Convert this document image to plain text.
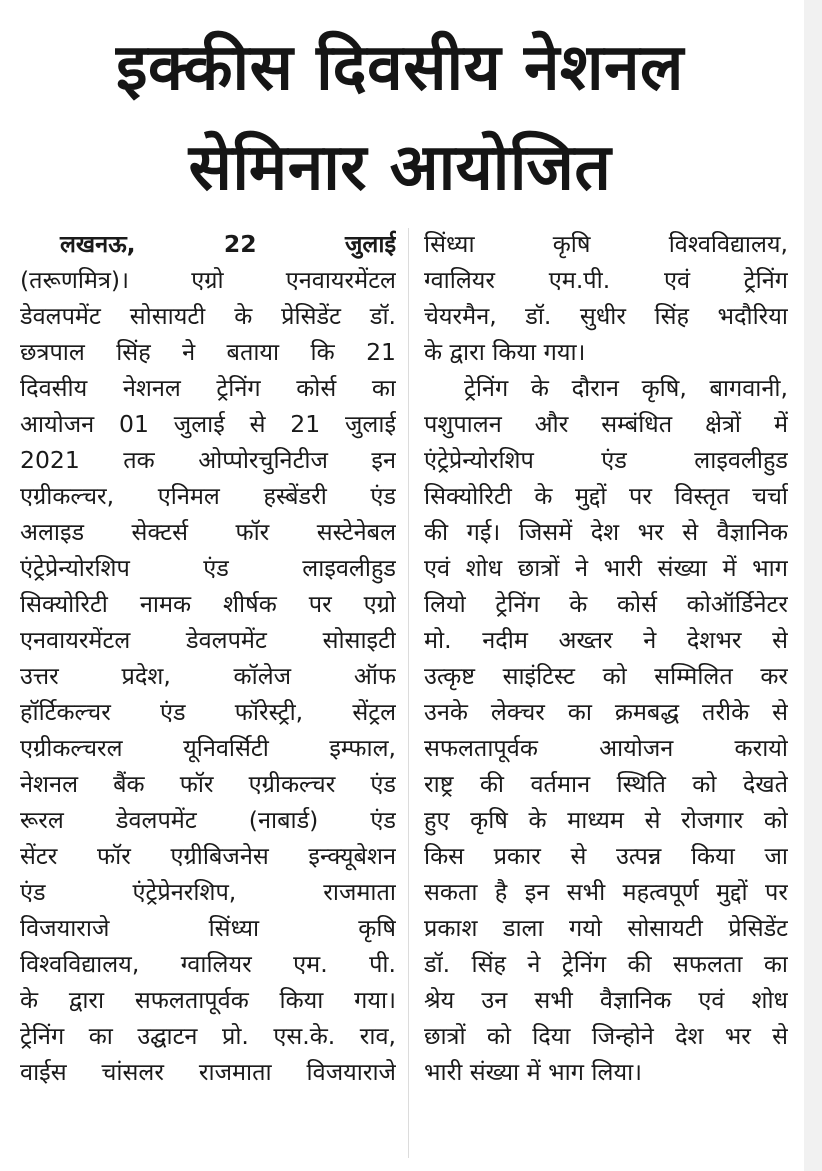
इक्कीस दिवसीय नेशनल
सेमिनार आयोजित
लखनऊ, 22 जुलाई
(तरूणमित्र)। एग्रो एनवायरमेंटल
डेवलपमेंट सोसायटी के प्रेसिडेंट डॉ.
छत्रपाल सिंह ने बताया कि 21
दिवसीय नेशनल ट्रेनिंग कोर्स का
आयोजन 01 जुलाई से 21 जुलाई
2021 तक ओप्पोरचुनिटीज इन
एग्रीकल्चर, एनिमल हस्बेंडरी एंड
अलाइड सेक्टर्स फॉर सस्टेनेबल
एंट्रेप्रेन्योरशिप एंड लाइवलीहुड
सिक्योरिटी नामक शीर्षक पर एग्रो
एनवायरमेंटल डेवलपमेंट सोसाइटी
उत्तर प्रदेश, कॉलेज ऑफ
हॉर्टिकल्चर एंड फॉरेस्ट्री, सेंट्रल
एग्रीकल्चरल यूनिवर्सिटी इम्फाल,
नेशनल बैंक फॉर एग्रीकल्चर एंड
रूरल डेवलपमेंट (नाबार्ड) एंड
सेंटर फॉर एग्रीबिजनेस इन्क्यूबेशन
एंड एंट्रेप्रेनरशिप, राजमाता
विजयाराजे सिंध्या कृषि
विश्वविद्यालय, ग्वालियर एम. पी.
के द्वारा सफलतापूर्वक किया गया।
ट्रेनिंग का उद्घाटन प्रो. एस.के. राव,
वाईस चांसलर राजमाता विजयाराजे
सिंध्या कृषि विश्वविद्यालय,
ग्वालियर एम.पी. एवं ट्रेनिंग
चेयरमैन, डॉ. सुधीर सिंह भदौरिया
के द्वारा किया गया।
ट्रेनिंग के दौरान कृषि, बागवानी,
पशुपालन और सम्बंधित क्षेत्रों में
एंट्रेप्रेन्योरशिप एंड लाइवलीहुड
सिक्योरिटी के मुद्दों पर विस्तृत चर्चा
की गई। जिसमें देश भर से वैज्ञानिक
एवं शोध छात्रों ने भारी संख्या में भाग
लियो ट्रेनिंग के कोर्स कोऑर्डिनेटर
मो. नदीम अख्तर ने देशभर से
उत्कृष्ट साइंटिस्ट को सम्मिलित कर
उनके लेक्चर का क्रमबद्ध तरीके से
सफलतापूर्वक आयोजन करायो
राष्ट्र की वर्तमान स्थिति को देखते
हुए कृषि के माध्यम से रोजगार को
किस प्रकार से उत्पन्न किया जा
सकता है इन सभी महत्वपूर्ण मुद्दों पर
प्रकाश डाला गयो सोसायटी प्रेसिडेंट
डॉ. सिंह ने ट्रेनिंग की सफलता का
श्रेय उन सभी वैज्ञानिक एवं शोध
छात्रों को दिया जिन्होने देश भर से
भारी संख्या में भाग लिया।
